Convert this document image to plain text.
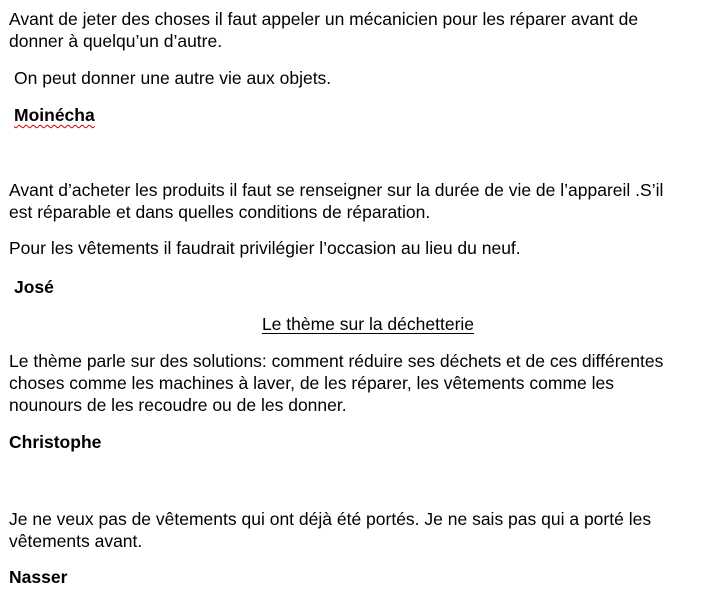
Avant de jeter des choses il faut appeler un mécanicien pour les réparer avant de

donner à quelqu’un d’autre.

On peut donner une autre vie aux objets.

Moinécha

Avant d’acheter les produits il faut se renseigner sur la durée de vie de l’appareil .S’il

est réparable et dans quelles conditions de réparation.

Pour les vêtements il faudrait privilégier l’occasion au lieu du neuf.

José

Le thème sur la déchetterie

Le thème parle sur des solutions: comment réduire ses déchets et de ces différentes

choses comme les machines à laver, de les réparer, les vêtements comme les

nounours de les recoudre ou de les donner.

Christophe

Je ne veux pas de vêtements qui ont déjà été portés. Je ne sais pas qui a porté les

vêtements avant.

Nasser
